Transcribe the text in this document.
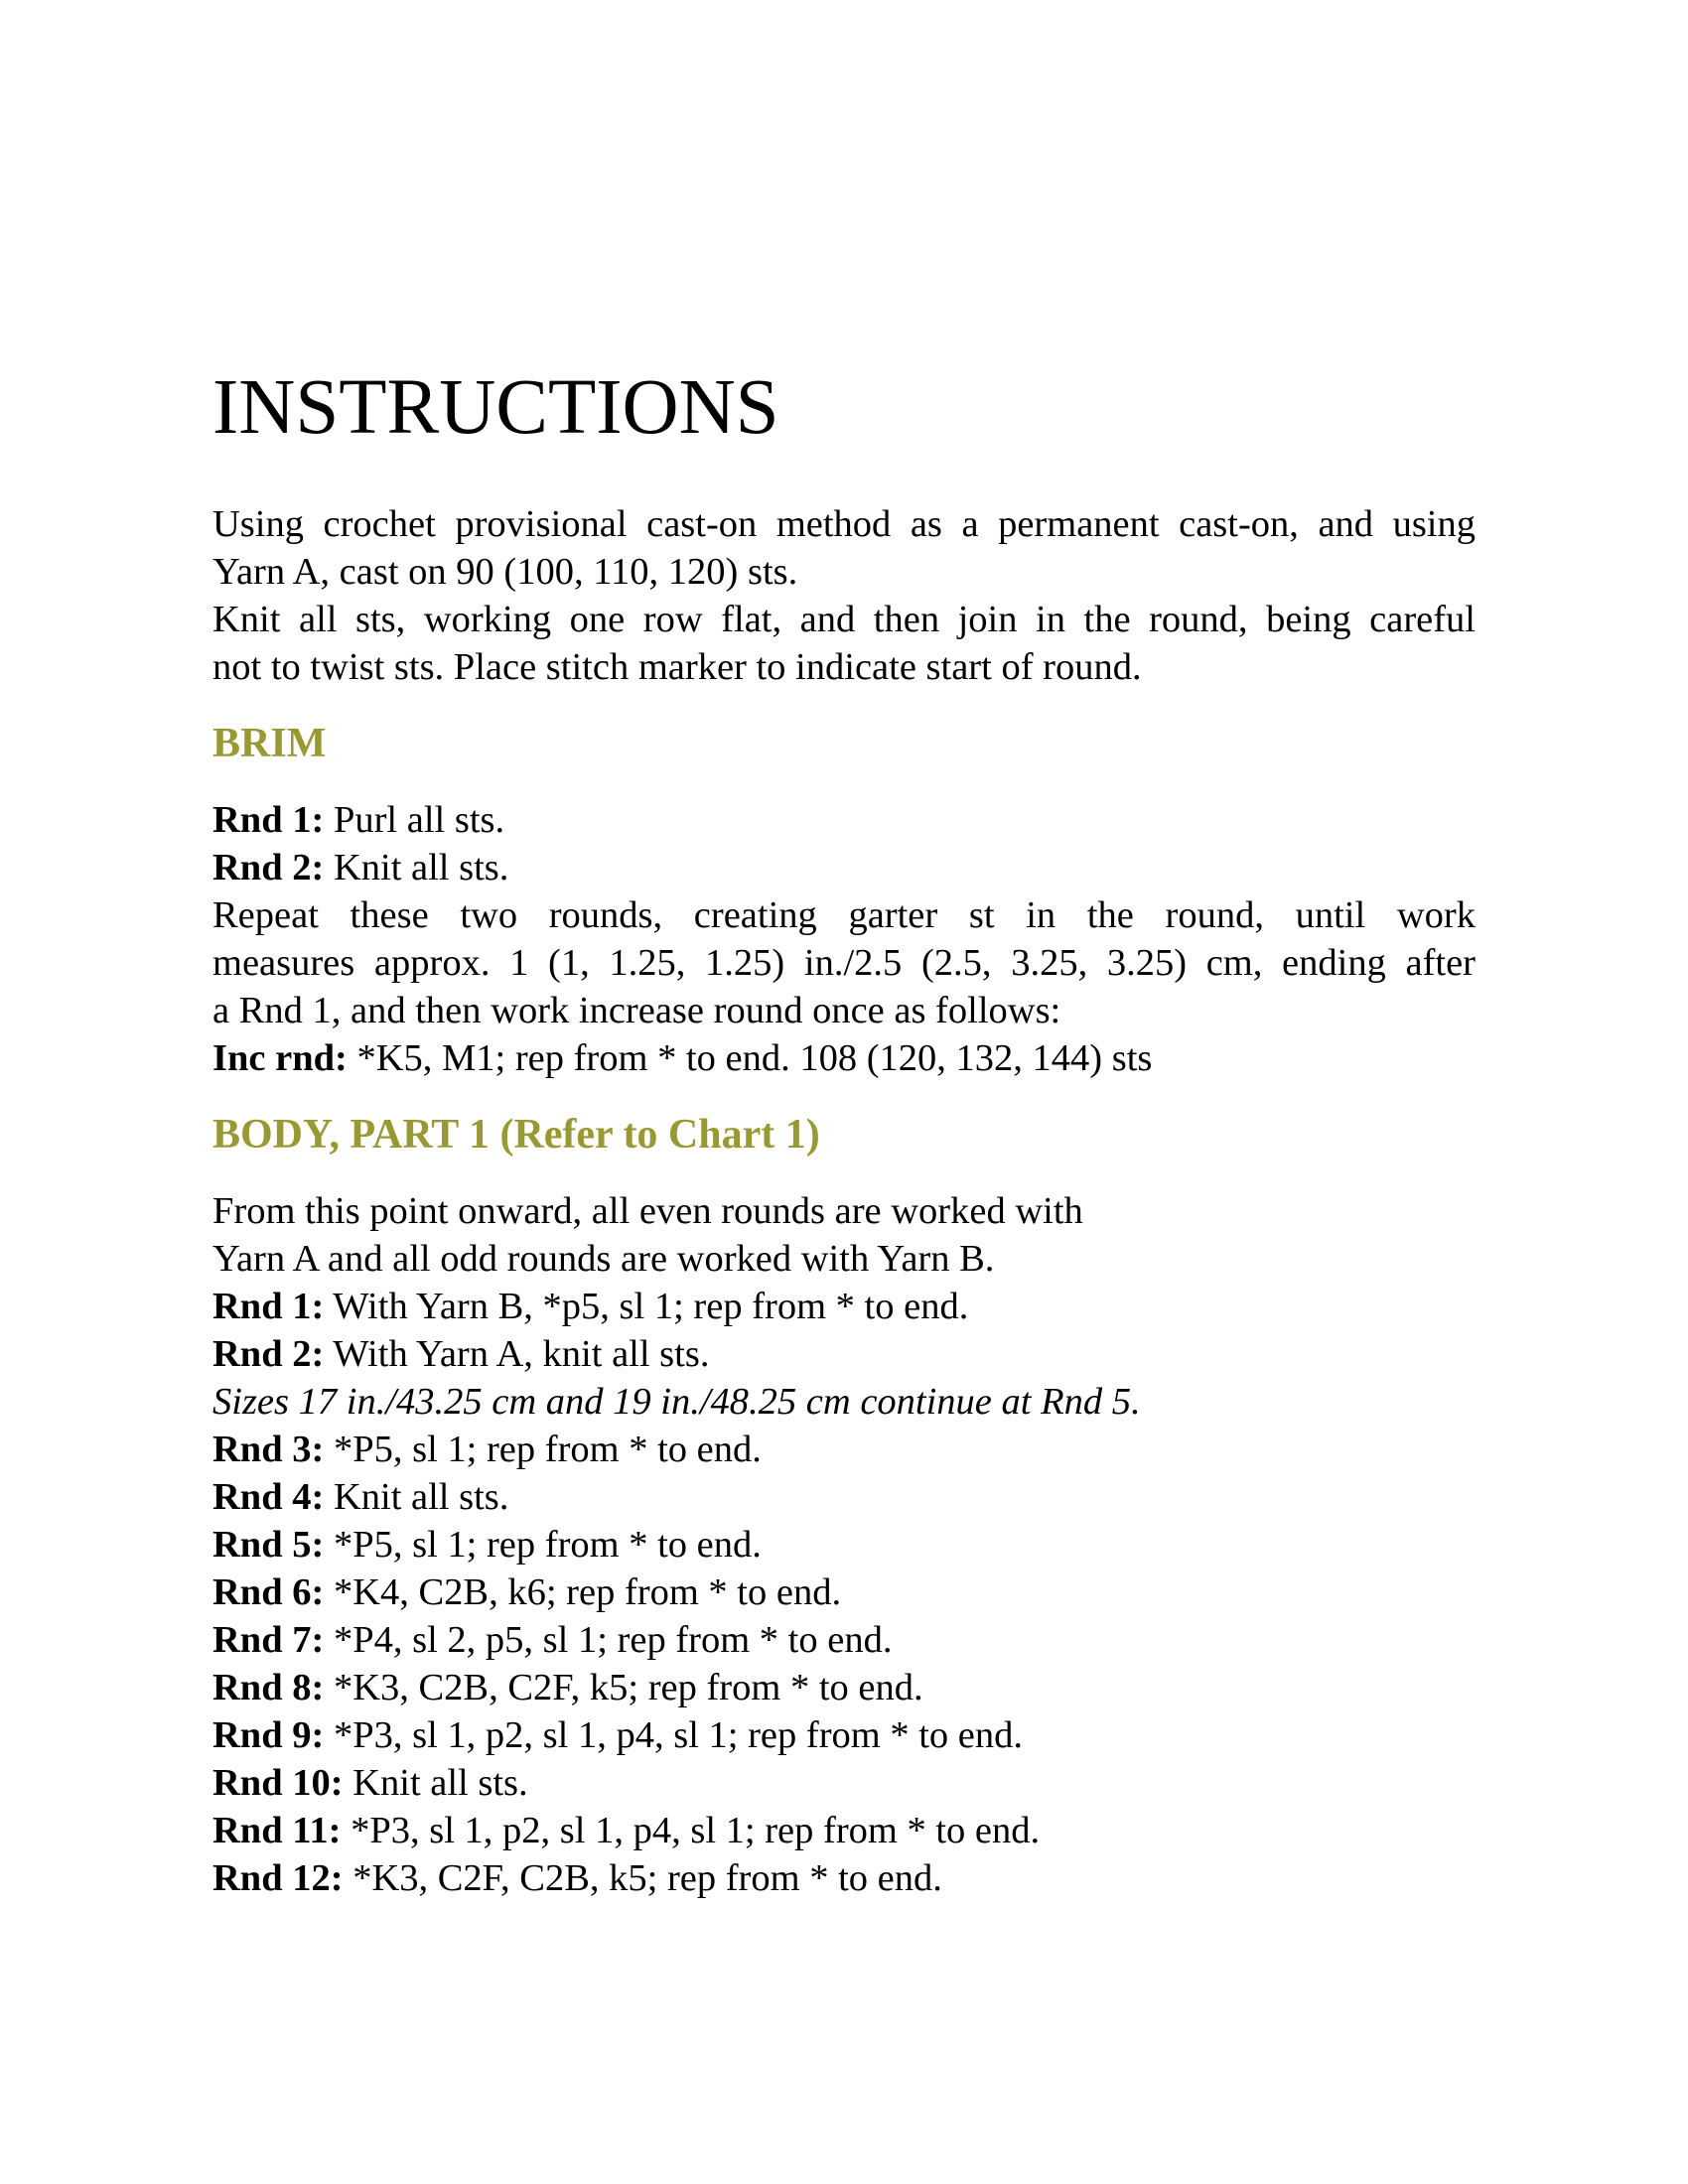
INSTRUCTIONS

Using crochet provisional cast-on method as a permanent cast-on, and using

Yarn A, cast on 90 (100, 110, 120) sts.

Knit all sts, working one row flat, and then join in the round, being careful

not to twist sts. Place stitch marker to indicate start of round.

BRIM

Rnd 1: Purl all sts.

Rnd 2: Knit all sts.

Repeat these two rounds, creating garter st in the round, until work

measures approx. 1 (1, 1.25, 1.25) in./2.5 (2.5, 3.25, 3.25) cm, ending after

a Rnd 1, and then work increase round once as follows:

Inc rnd: *K5, M1; rep from * to end. 108 (120, 132, 144) sts

BODY, PART 1 (Refer to Chart 1)

From this point onward, all even rounds are worked with

Yarn A and all odd rounds are worked with Yarn B.

Rnd 1: With Yarn B, *p5, sl 1; rep from * to end.

Rnd 2: With Yarn A, knit all sts.

Sizes 17 in./43.25 cm and 19 in./48.25 cm continue at Rnd 5.

Rnd 3: *P5, sl 1; rep from * to end.

Rnd 4: Knit all sts.

Rnd 5: *P5, sl 1; rep from * to end.

Rnd 6: *K4, C2B, k6; rep from * to end.

Rnd 7: *P4, sl 2, p5, sl 1; rep from * to end.

Rnd 8: *K3, C2B, C2F, k5; rep from * to end.

Rnd 9: *P3, sl 1, p2, sl 1, p4, sl 1; rep from * to end.

Rnd 10: Knit all sts.

Rnd 11: *P3, sl 1, p2, sl 1, p4, sl 1; rep from * to end.

Rnd 12: *K3, C2F, C2B, k5; rep from * to end.
